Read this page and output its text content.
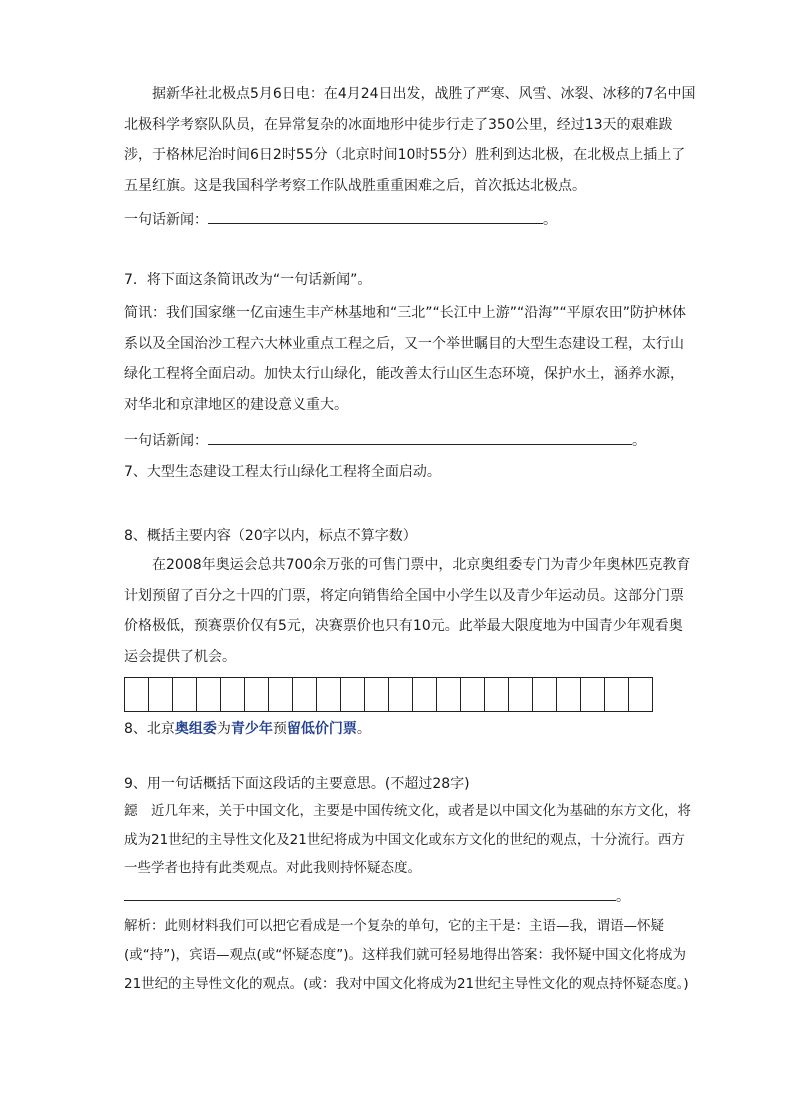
据新华社北极点5月6日电：在4月24日出发，战胜了严寒、风雪、冰裂、冰移的7名中国北极科学考察队队员，在异常复杂的冰面地形中徒步行走了350公里，经过13天的艰难跋涉，于格林尼治时间6日2时55分（北京时间10时55分）胜利到达北极，在北极点上插上了五星红旗。这是我国科学考察工作队战胜重重困难之后，首次抵达北极点。

一句话新闻：	。
7．将下面这条简讯改为“一句话新闻”。

简讯：我们国家继一亿亩速生丰产林基地和“三北”“长江中上游”“沿海”“平原农田”防护林体系以及全国治沙工程六大林业重点工程之后，又一个举世瞩目的大型生态建设工程，太行山绿化工程将全面启动。加快太行山绿化，能改善太行山区生态环境，保护水土，涵养水源，对华北和京津地区的建设意义重大。

一句话新闻：	。
7、大型生态建设工程太行山绿化工程将全面启动。
8、概括主要内容（20字以内，标点不算字数）

在2008年奥运会总共700余万张的可售门票中，北京奥组委专门为青少年奥林匹克教育计划预留了百分之十四的门票，将定向销售给全国中小学生以及青少年运动员。这部分门票价格极低，预赛票价仅有5元，决赛票价也只有10元。此举最大限度地为中国青少年观看奥运会提供了机会。

8、北京奥组委为青少年预留低价门票。
9、用一句话概括下面这段话的主要意思。(不超过28字)

鐚　近几年来，关于中国文化，主要是中国传统文化，或者是以中国文化为基础的东方文化，将成为21世纪的主导性文化及21世纪将成为中国文化或东方文化的世纪的观点，十分流行。西方一些学者也持有此类观点。对此我则持怀疑态度。

。

解析：此则材料我们可以把它看成是一个复杂的单句，它的主干是：主语—我，谓语—怀疑(或“持”)，宾语—观点(或“怀疑态度”)。这样我们就可轻易地得出答案：我怀疑中国文化将成为21世纪的主导性文化的观点。(或：我对中国文化将成为21世纪主导性文化的观点持怀疑态度。)
